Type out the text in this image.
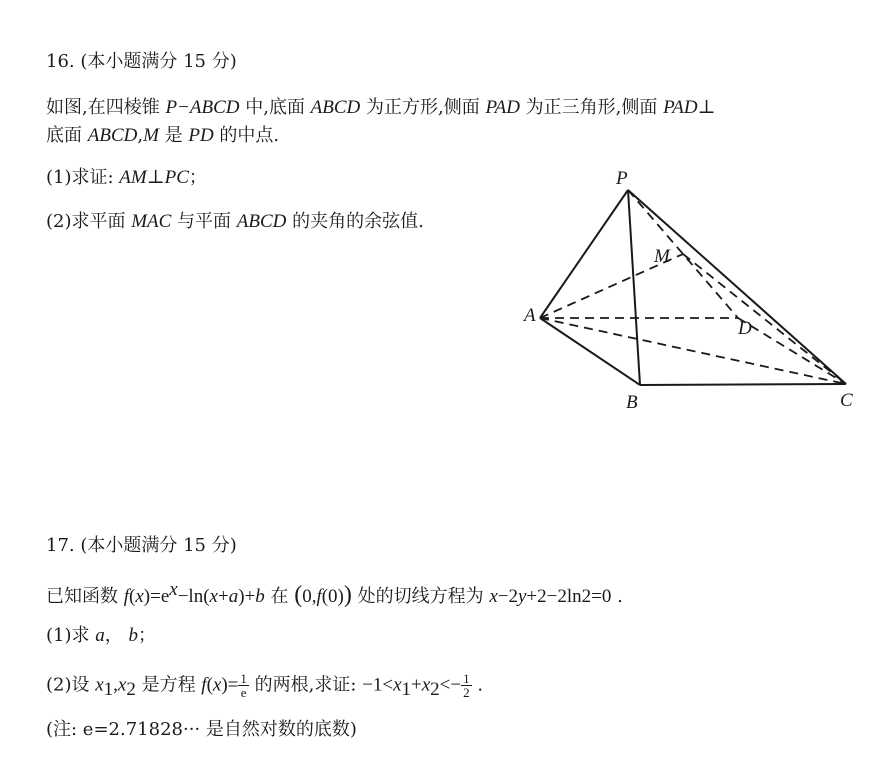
16. (本小题满分 15 分)
如图,在四棱锥 P−ABCD 中,底面 ABCD 为正方形,侧面 PAD 为正三角形,侧面 PAD⊥
底面 ABCD,M 是 PD 的中点.
(1)求证: AM⊥PC；
(2)求平面 MAC 与平面 ABCD 的夹角的余弦值.
P
M
A
D
B	C
17. (本小题满分 15 分)
已知函数 $f(x)=e^x-\ln(x+a)+b$ 在 (0,f(0)) 处的切线方程为 x−2y+2−2ln2=0 .
(1)求 a， b；
(2)设 $x_1,x_2$ 是方程 $f(x)= \frac{1}{e}$ 的两根,求证: $-1<x_1+x_2<- \frac{1}{2}$ .
(注: e=2.71828··· 是自然对数的底数)
